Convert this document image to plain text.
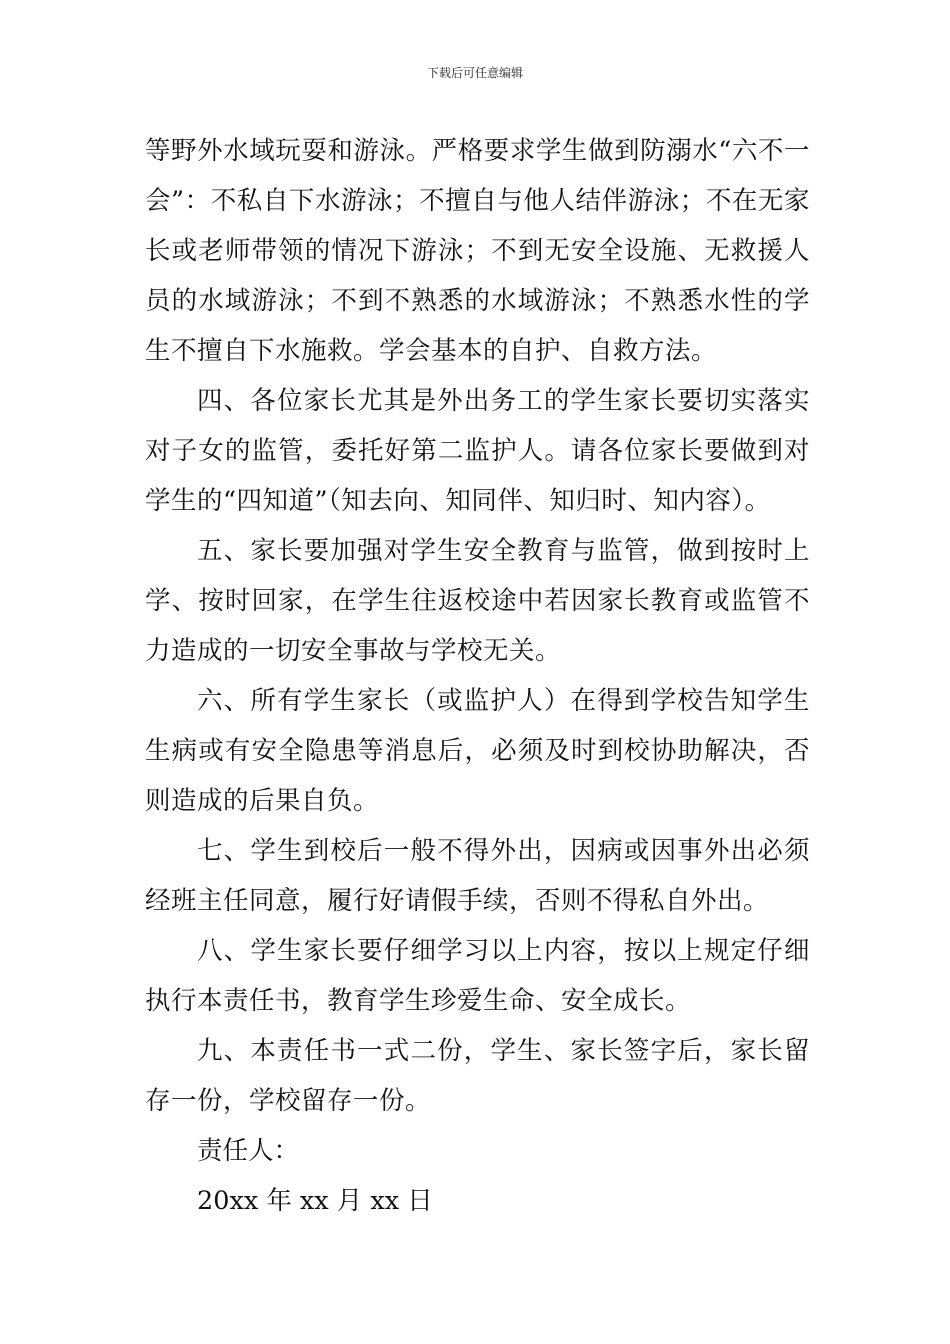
下载后可任意编辑

等野外水域玩耍和游泳。严格要求学生做到防溺水“六不一会”：不私自下水游泳；不擅自与他人结伴游泳；不在无家长或老师带领的情况下游泳；不到无安全设施、无救援人员的水域游泳；不到不熟悉的水域游泳；不熟悉水性的学生不擅自下水施救。学会基本的自护、自救方法。

四、各位家长尤其是外出务工的学生家长要切实落实对子女的监管，委托好第二监护人。请各位家长要做到对学生的“四知道”（知去向、知同伴、知归时、知内容）。

五、家长要加强对学生安全教育与监管，做到按时上学、按时回家，在学生往返校途中若因家长教育或监管不力造成的一切安全事故与学校无关。

六、所有学生家长（或监护人）在得到学校告知学生生病或有安全隐患等消息后，必须及时到校协助解决，否则造成的后果自负。

七、学生到校后一般不得外出，因病或因事外出必须经班主任同意，履行好请假手续，否则不得私自外出。

八、学生家长要仔细学习以上内容，按以上规定仔细执行本责任书，教育学生珍爱生命、安全成长。

九、本责任书一式二份，学生、家长签字后，家长留存一份，学校留存一份。

责任人：

20xx 年 xx 月 xx 日
